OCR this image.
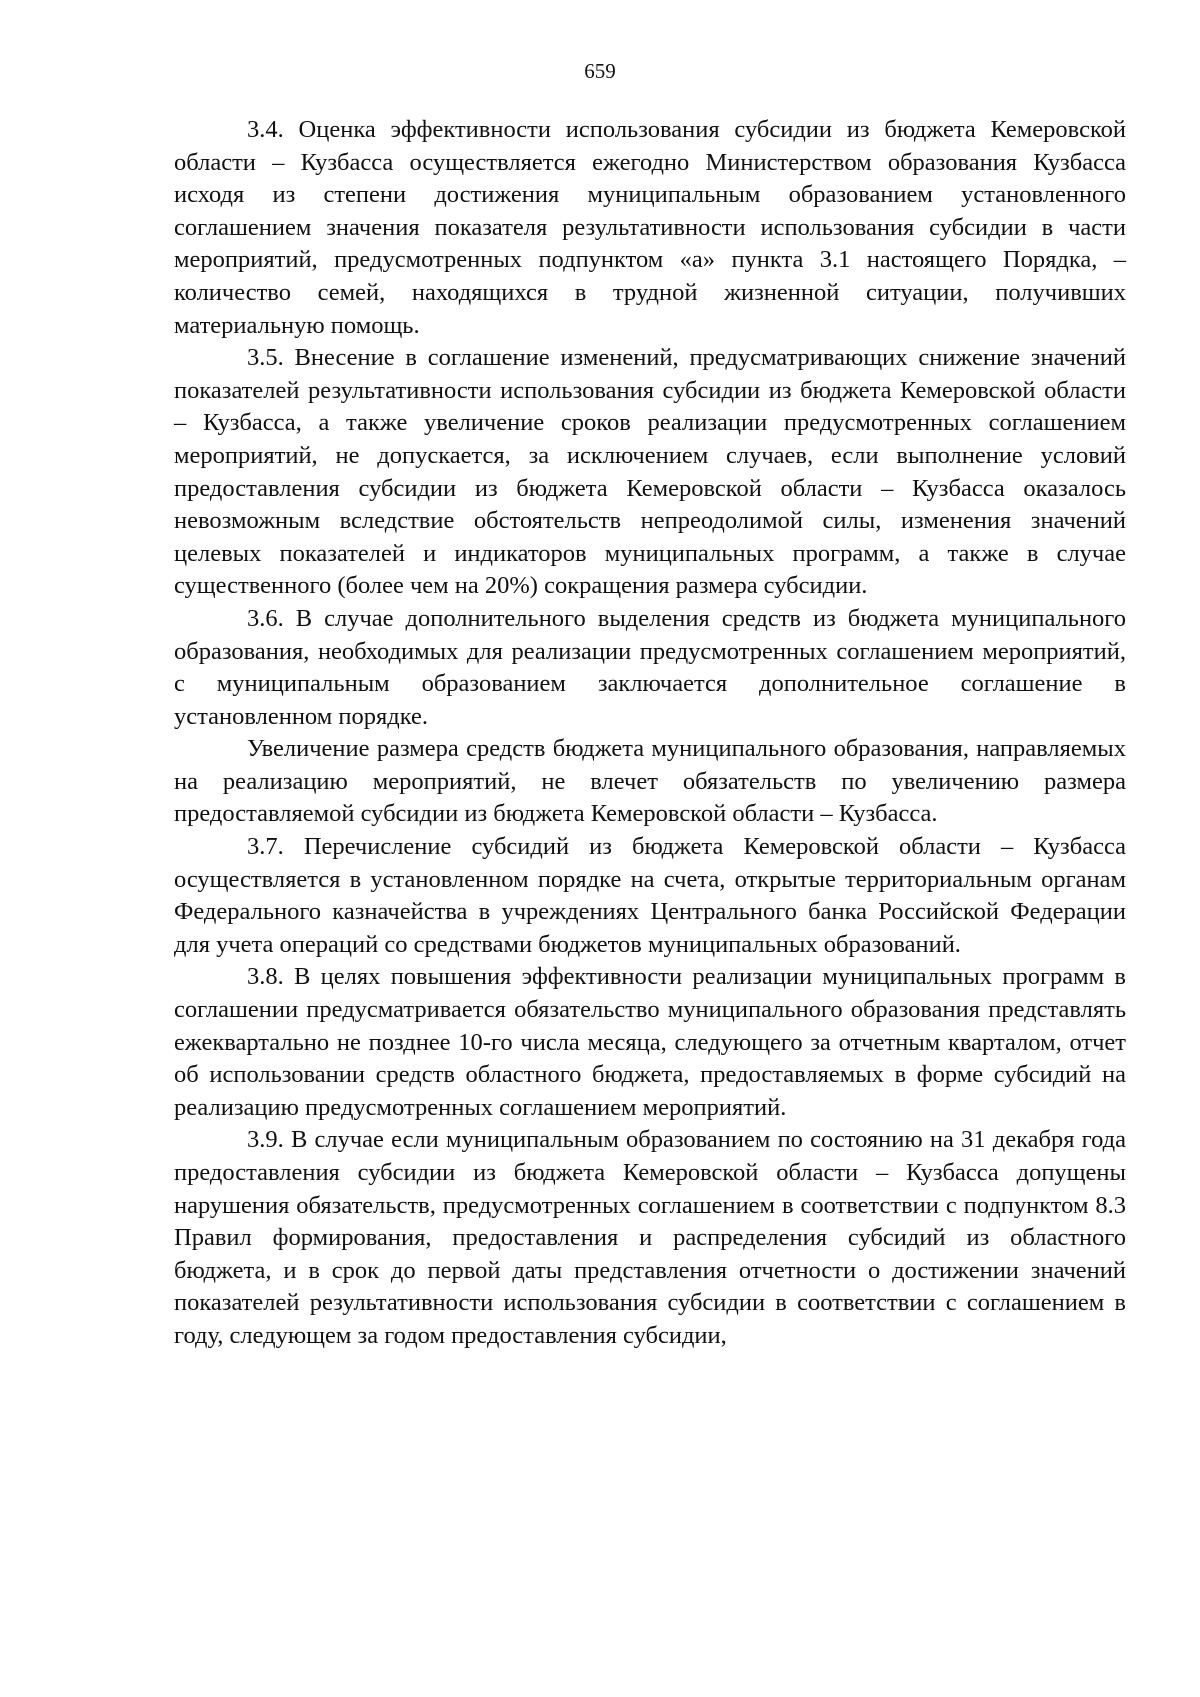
659

3.4. Оценка эффективности использования субсидии из бюджета Кемеровской области – Кузбасса осуществляется ежегодно Министерством образования Кузбасса исходя из степени достижения муниципальным образованием установленного соглашением значения показателя результативности использования субсидии в части мероприятий, предусмотренных подпунктом «а» пункта 3.1 настоящего Порядка, – количество семей, находящихся в трудной жизненной ситуации, получивших материальную помощь.

3.5. Внесение в соглашение изменений, предусматривающих снижение значений показателей результативности использования субсидии из бюджета Кемеровской области – Кузбасса, а также увеличение сроков реализации предусмотренных соглашением мероприятий, не допускается, за исключением случаев, если выполнение условий предоставления субсидии из бюджета Кемеровской области – Кузбасса оказалось невозможным вследствие обстоятельств непреодолимой силы, изменения значений целевых показателей и индикаторов муниципальных программ, а также в случае существенного (более чем на 20%) сокращения размера субсидии.

3.6. В случае дополнительного выделения средств из бюджета муниципального образования, необходимых для реализации предусмотренных соглашением мероприятий, с муниципальным образованием заключается дополнительное соглашение в установленном порядке.

Увеличение размера средств бюджета муниципального образования, направляемых на реализацию мероприятий, не влечет обязательств по увеличению размера предоставляемой субсидии из бюджета Кемеровской области – Кузбасса.

3.7. Перечисление субсидий из бюджета Кемеровской области – Кузбасса осуществляется в установленном порядке на счета, открытые территориальным органам Федерального казначейства в учреждениях Центрального банка Российской Федерации для учета операций со средствами бюджетов муниципальных образований.

3.8. В целях повышения эффективности реализации муниципальных программ в соглашении предусматривается обязательство муниципального образования представлять ежеквартально не позднее 10-го числа месяца, следующего за отчетным кварталом, отчет об использовании средств областного бюджета, предоставляемых в форме субсидий на реализацию предусмотренных соглашением мероприятий.

3.9. В случае если муниципальным образованием по состоянию на 31 декабря года предоставления субсидии из бюджета Кемеровской области – Кузбасса допущены нарушения обязательств, предусмотренных соглашением в соответствии с подпунктом 8.3 Правил формирования, предоставления и распределения субсидий из областного бюджета, и в срок до первой даты представления отчетности о достижении значений показателей результативности использования субсидии в соответствии с соглашением в году, следующем за годом предоставления субсидии,
